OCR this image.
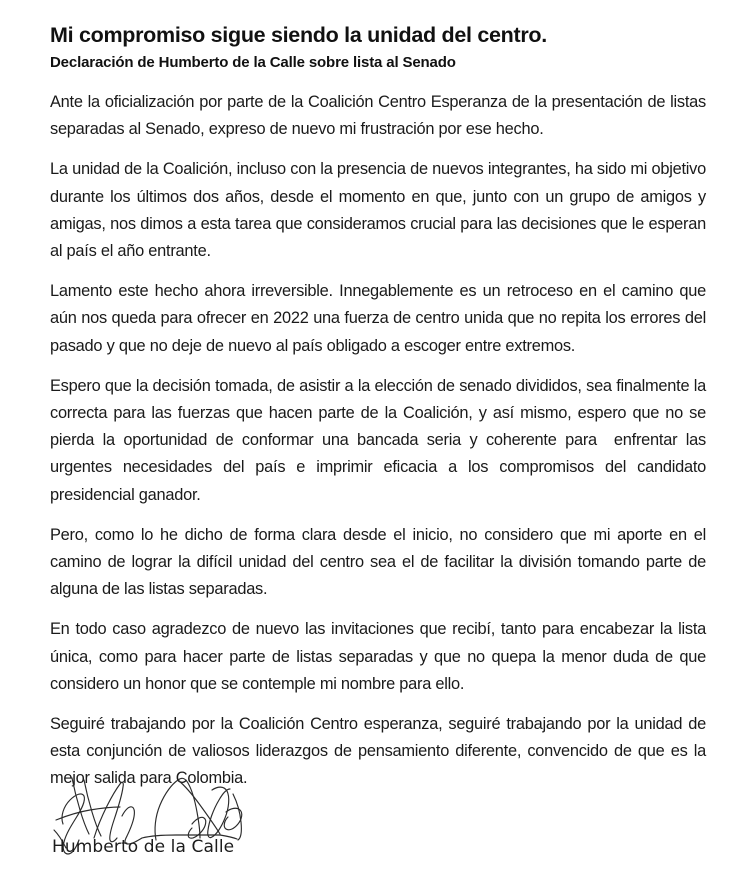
Mi compromiso sigue siendo la unidad del centro.
Declaración de Humberto de la Calle sobre lista al Senado

Ante la oficialización por parte de la Coalición Centro Esperanza de la presentación de listas separadas al Senado, expreso de nuevo mi frustración por ese hecho.

La unidad de la Coalición, incluso con la presencia de nuevos integrantes, ha sido mi objetivo durante los últimos dos años, desde el momento en que, junto con un grupo de amigos y amigas, nos dimos a esta tarea que consideramos crucial para las decisiones que le esperan al país el año entrante.

Lamento este hecho ahora irreversible. Innegablemente es un retroceso en el camino que aún nos queda para ofrecer en 2022 una fuerza de centro unida que no repita los errores del pasado y que no deje de nuevo al país obligado a escoger entre extremos.

Espero que la decisión tomada, de asistir a la elección de senado divididos, sea finalmente la correcta para las fuerzas que hacen parte de la Coalición, y así mismo, espero que no se pierda la oportunidad de conformar una bancada seria y coherente para  enfrentar las urgentes necesidades del país e imprimir eficacia a los compromisos del candidato presidencial ganador.

Pero, como lo he dicho de forma clara desde el inicio, no considero que mi aporte en el camino de lograr la difícil unidad del centro sea el de facilitar la división tomando parte de alguna de las listas separadas.

En todo caso agradezco de nuevo las invitaciones que recibí, tanto para encabezar la lista única, como para hacer parte de listas separadas y que no quepa la menor duda de que considero un honor que se contemple mi nombre para ello.

Seguiré trabajando por la Coalición Centro esperanza, seguiré trabajando por la unidad de esta conjunción de valiosos liderazgos de pensamiento diferente, convencido de que es la mejor salida para Colombia.

Humberto de la Calle
